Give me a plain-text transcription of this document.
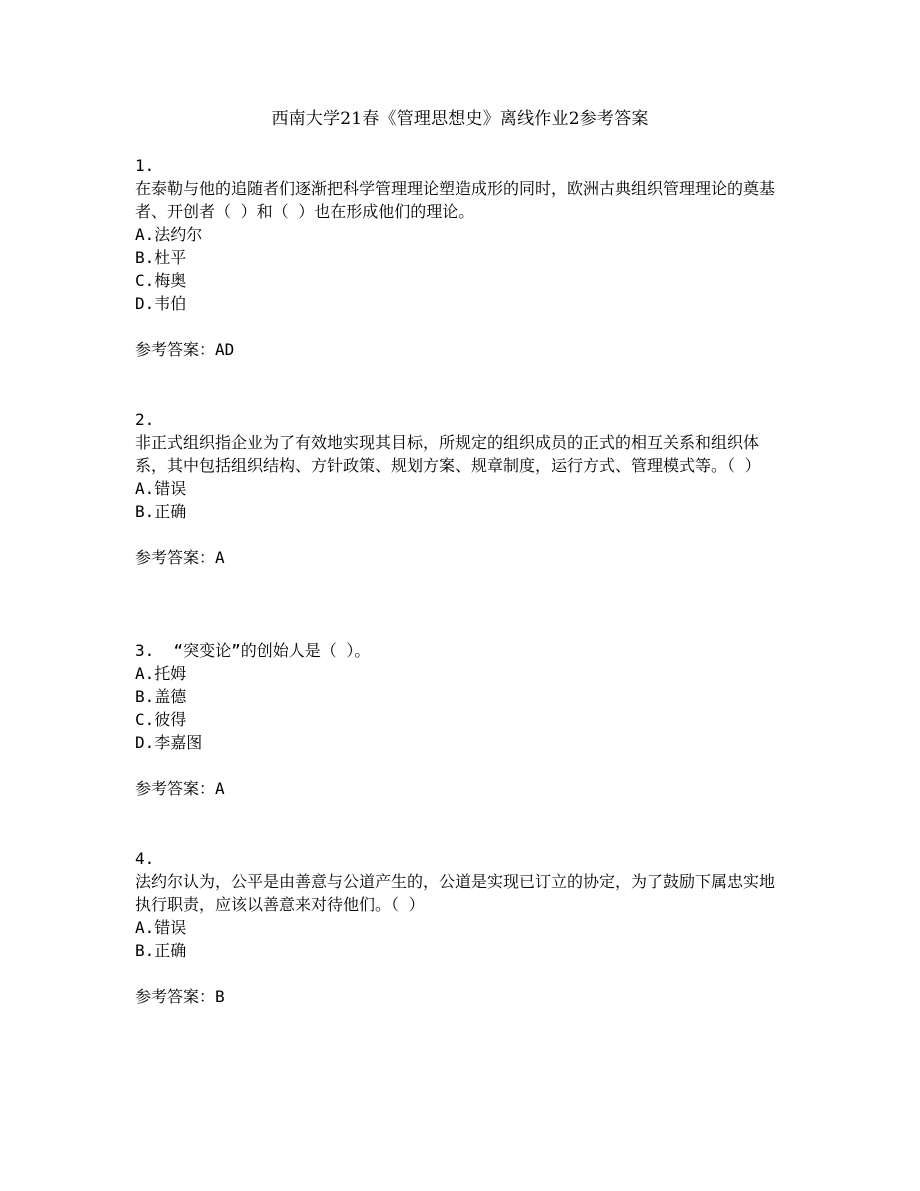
西南大学21春《管理思想史》离线作业2参考答案
1.
在泰勒与他的追随者们逐渐把科学管理理论塑造成形的同时，欧洲古典组织管理理论的奠基者、开创者（ ）和（ ）也在形成他们的理论。
A.法约尔
B.杜平
C.梅奥
D.韦伯
参考答案：AD
2.
非正式组织指企业为了有效地实现其目标，所规定的组织成员的正式的相互关系和组织体系，其中包括组织结构、方针政策、规划方案、规章制度，运行方式、管理模式等。（ ）
A.错误
B.正确
参考答案：A
3. “突变论”的创始人是（ ）。
A.托姆
B.盖德
C.彼得
D.李嘉图
参考答案：A
4.
法约尔认为，公平是由善意与公道产生的，公道是实现已订立的协定，为了鼓励下属忠实地执行职责，应该以善意来对待他们。（ ）
A.错误
B.正确
参考答案：B
